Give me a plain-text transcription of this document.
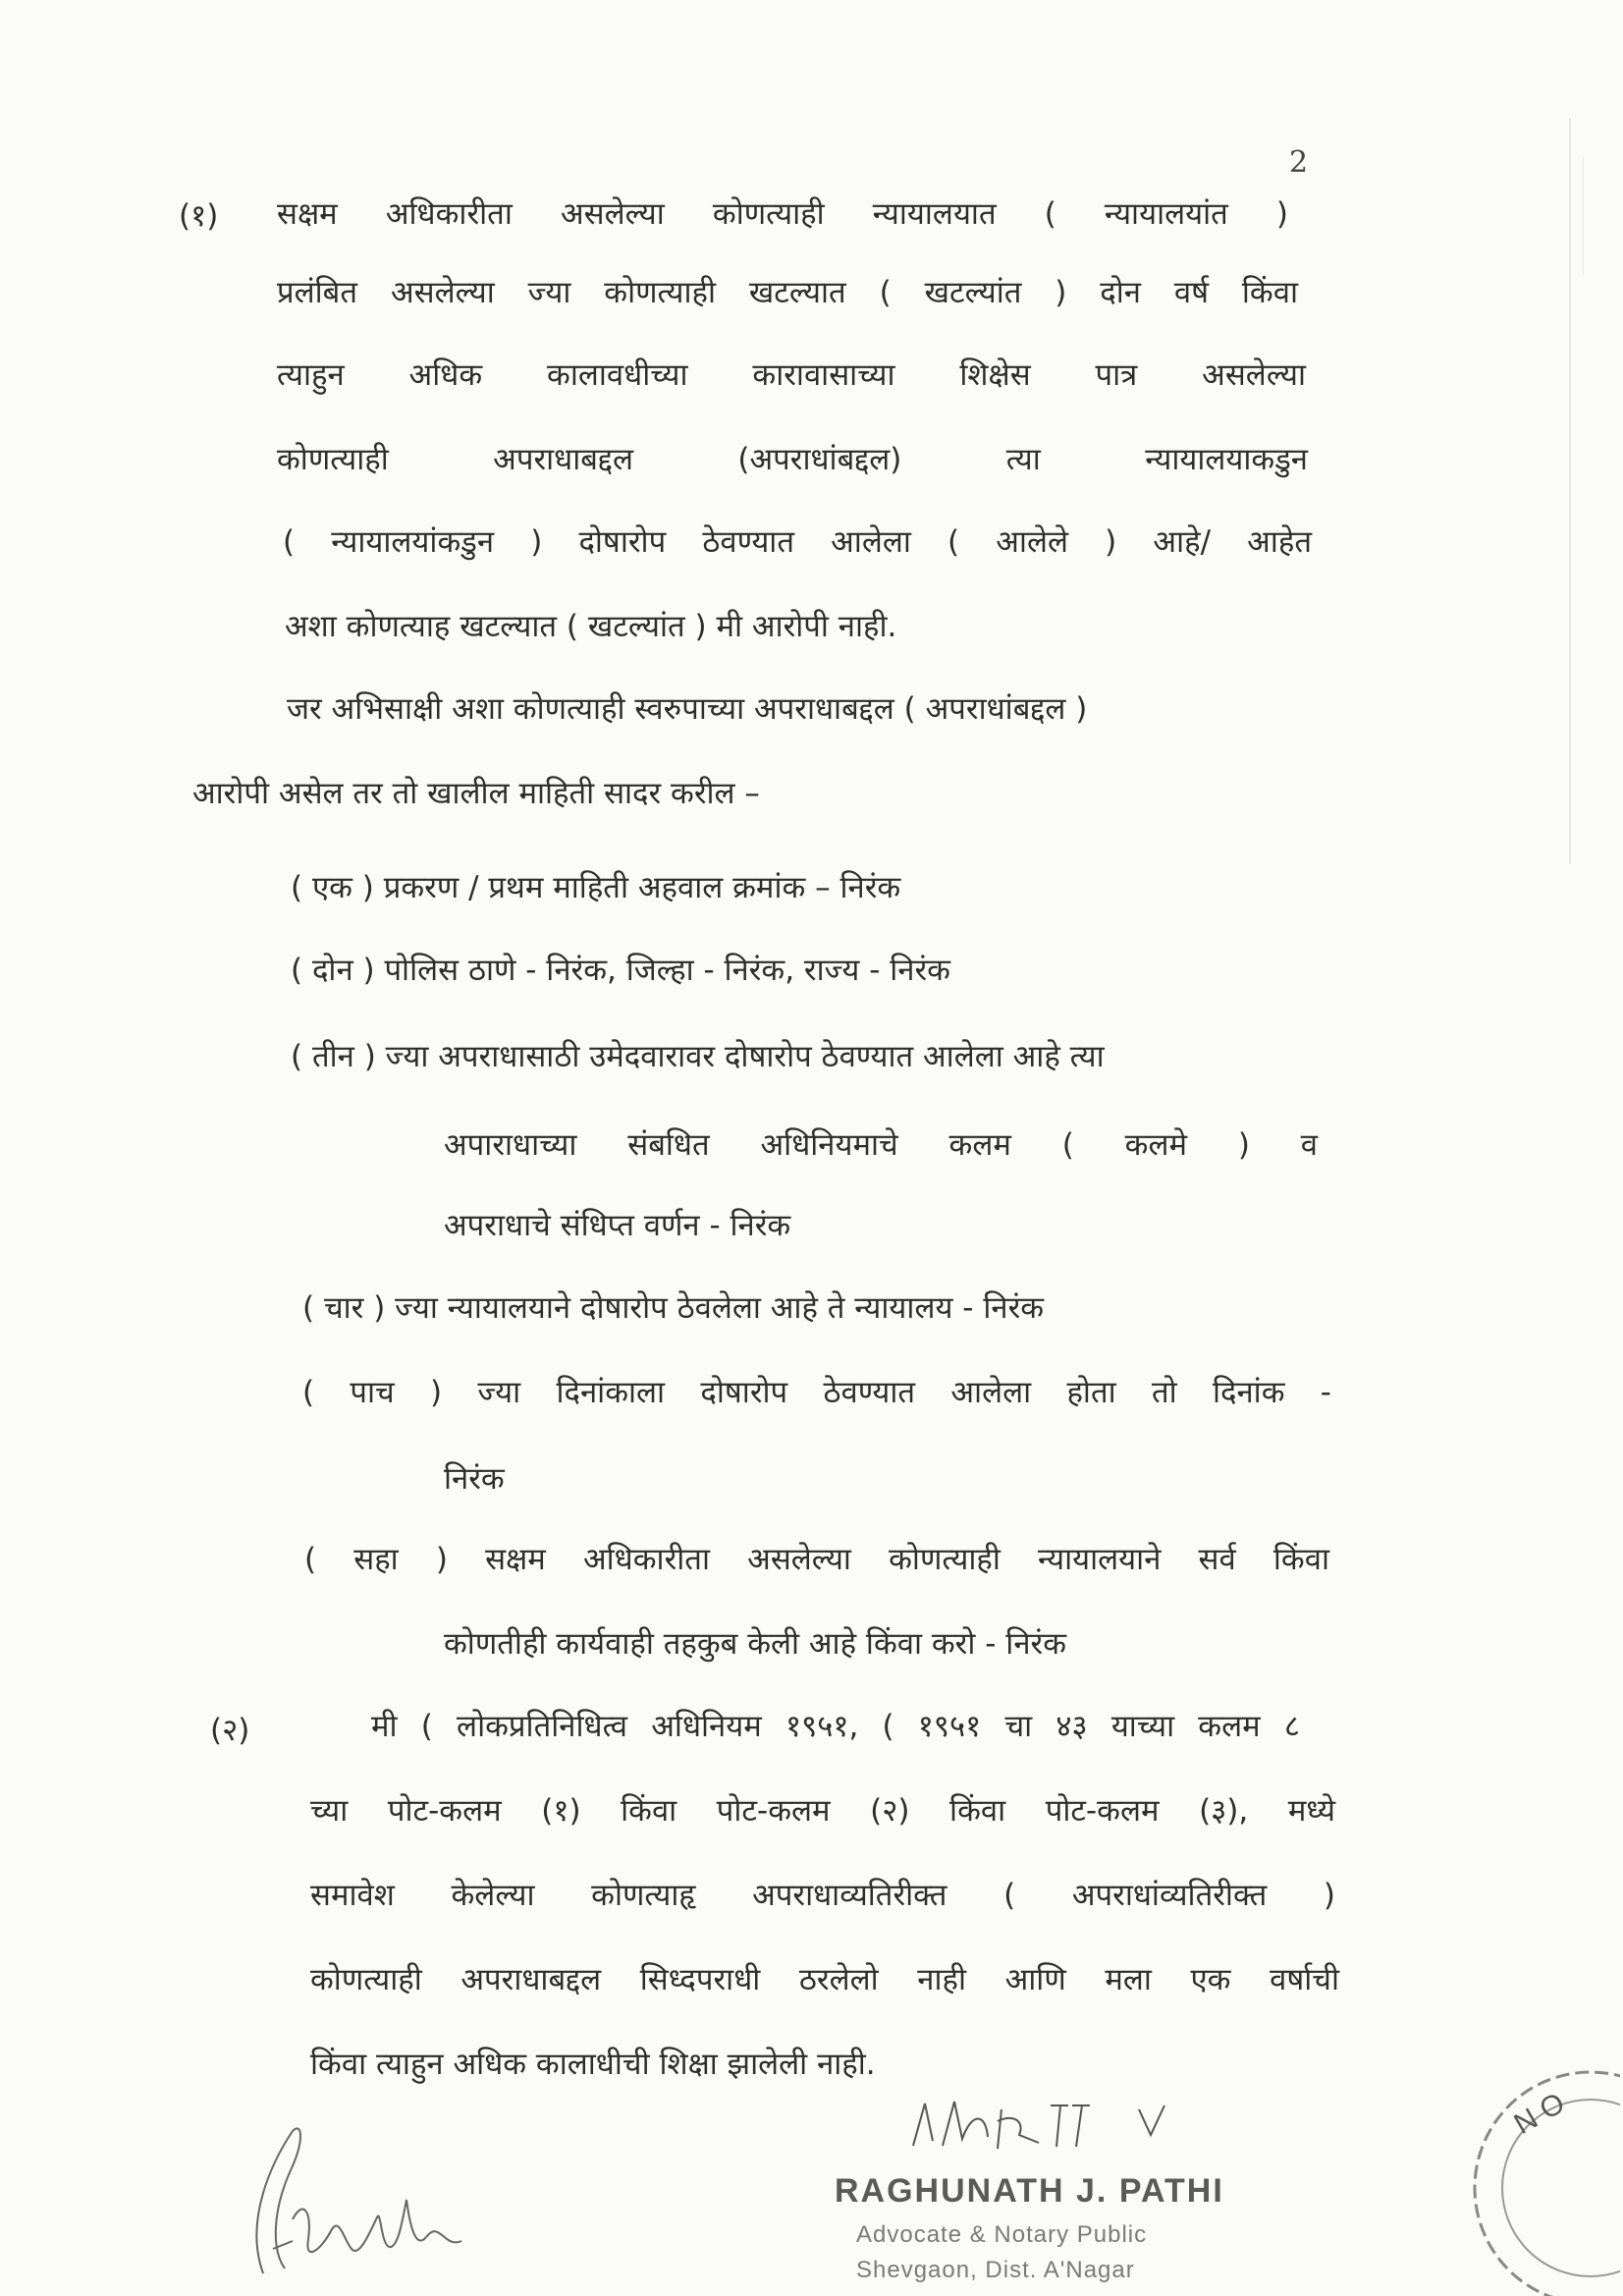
2
(१) सक्षम अधिकारीता असलेल्या कोणत्याही न्यायालयात ( न्यायालयांत )
प्रलंबित असलेल्या ज्या कोणत्याही खटल्यात ( खटल्यांत ) दोन वर्ष किंवा
त्याहुन अधिक कालावधीच्या कारावासाच्या शिक्षेस पात्र असलेल्या
कोणत्याही अपराधाबद्दल (अपराधांबद्दल) त्या न्यायालयाकडुन
( न्यायालयांकडुन ) दोषारोप ठेवण्यात आलेला ( आलेले ) आहे/ आहेत
अशा कोणत्याह खटल्यात ( खटल्यांत ) मी आरोपी नाही.
जर अभिसाक्षी अशा कोणत्याही स्वरुपाच्या अपराधाबद्दल ( अपराधांबद्दल )
आरोपी असेल तर तो खालील माहिती सादर करील –
( एक ) प्रकरण / प्रथम माहिती अहवाल क्रमांक – निरंक
( दोन ) पोलिस ठाणे - निरंक, जिल्हा - निरंक, राज्य - निरंक
( तीन ) ज्या अपराधासाठी उमेदवारावर दोषारोप ठेवण्यात आलेला आहे त्या
अपाराधाच्या संबधित अधिनियमाचे कलम ( कलमे ) व
अपराधाचे संधिप्त वर्णन - निरंक
( चार ) ज्या न्यायालयाने दोषारोप ठेवलेला आहे ते न्यायालय - निरंक
( पाच ) ज्या दिनांकाला दोषारोप ठेवण्यात आलेला होता तो दिनांक -
निरंक
( सहा ) सक्षम अधिकारीता असलेल्या कोणत्याही न्यायालयाने सर्व किंवा
कोणतीही कार्यवाही तहकुब केली आहे किंवा करो - निरंक
(२)	मी ( लोकप्रतिनिधित्व अधिनियम १९५१, ( १९५१ चा ४३ याच्या कलम ८
च्या पोट-कलम (१) किंवा पोट-कलम (२) किंवा पोट-कलम (३), मध्ये
समावेश केलेल्या कोणत्याहृ अपराधाव्यतिरीक्त ( अपराधांव्यतिरीक्त )
कोणत्याही अपराधाबद्दल सिध्दपराधी ठरलेलो नाही आणि मला एक वर्षाची
किंवा त्याहुन अधिक कालाधीची शिक्षा झालेली नाही.
RAGHUNATH J. PATHI
Advocate & Notary Public
Shevgaon, Dist. A'Nagar
N O
